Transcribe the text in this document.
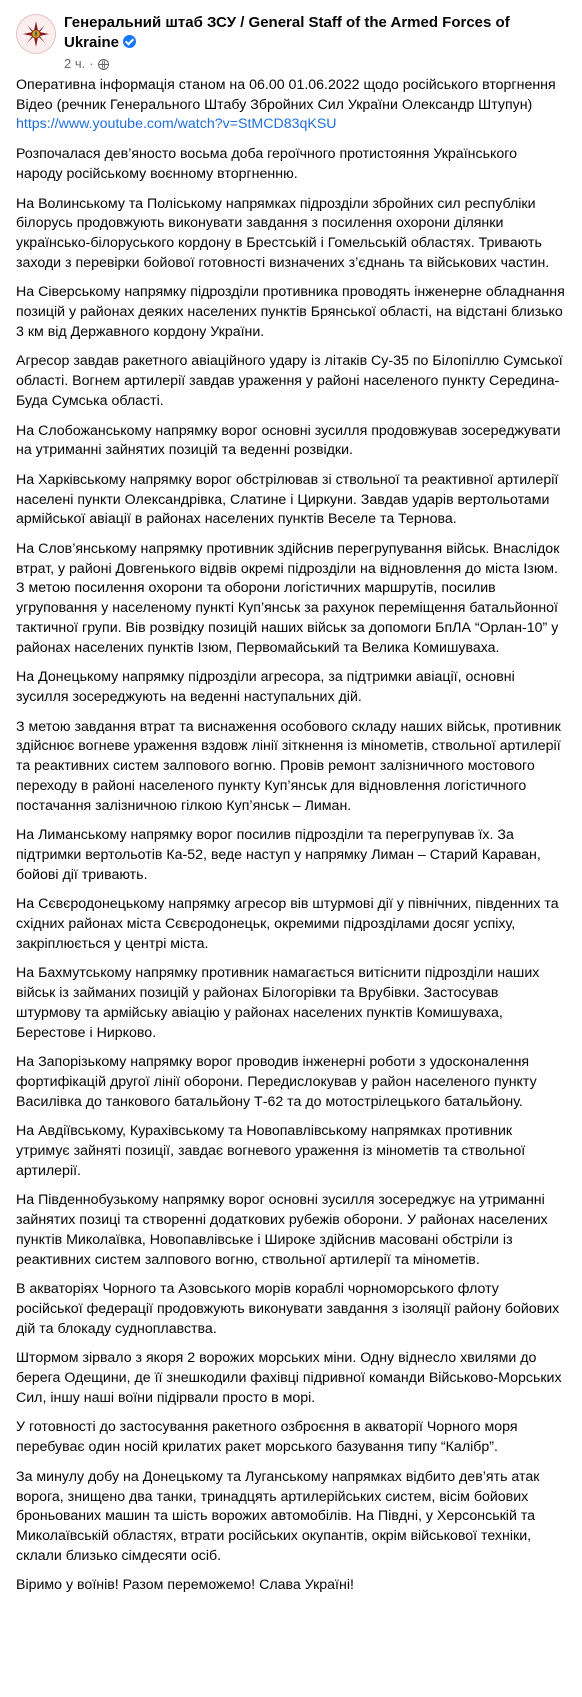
Генеральний штаб ЗСУ / General Staff of the Armed Forces of Ukraine
2 ч. ·

Оперативна інформація станом на 06.00 01.06.2022 щодо російського вторгнення
Відео (речник Генерального Штабу Збройних Сил України Олександр Штупун)
https://www.youtube.com/watch?v=StMCD83qKSU

Розпочалася дев’яносто восьма доба героїчного протистояння Українського народу російському воєнному вторгненню.

На Волинському та Поліському напрямках підрозділи збройних сил республіки білорусь продовжують виконувати завдання з посилення охорони ділянки українсько-білоруського кордону в Брестській і Гомельській областях. Тривають заходи з перевірки бойової готовності визначених з’єднань та військових частин.

На Сіверському напрямку підрозділи противника проводять інженерне обладнання позицій у районах деяких населених пунктів Брянської області, на відстані близько 3 км від Державного кордону України.

Агресор завдав ракетного авіаційного удару із літаків Су-35 по Білопіллю Сумської області. Вогнем артилерії завдав ураження у районі населеного пункту Середина-Буда Сумська області.

На Слобожанському напрямку ворог основні зусилля продовжував зосереджувати на утриманні зайнятих позицій та веденні розвідки.

На Харківському напрямку ворог обстрілював зі ствольної та реактивної артилерії населені пункти Олександрівка, Слатине і Циркуни. Завдав ударів вертольотами армійської авіації в районах населених пунктів Веселе та Тернова.

На Слов’янському напрямку противник здійснив перегрупування військ. Внаслідок втрат, у районі Довгенького відвів окремі підрозділи на відновлення до міста Ізюм. З метою посилення охорони та оборони логістичних маршрутів, посилив угруповання у населеному пункті Куп’янськ за рахунок переміщення батальйонної тактичної групи. Вів розвідку позицій наших військ за допомоги БпЛА “Орлан-10” у районах населених пунктів Ізюм, Первомайський та Велика Комишуваха.

На Донецькому напрямку підрозділи агресора, за підтримки авіації, основні зусилля зосереджують на веденні наступальних дій.

З метою завдання втрат та виснаження особового складу наших військ, противник здійснює вогневе ураження вздовж лінії зіткнення із мінометів, ствольної артилерії та реактивних систем залпового вогню. Провів ремонт залізничного мостового переходу в районі населеного пункту Куп’янськ для відновлення логістичного постачання залізничною гілкою Куп’янськ – Лиман.

На Лиманському напрямку ворог посилив підрозділи та перегрупував їх. За підтримки вертольотів Ка-52, веде наступ у напрямку Лиман – Старий Караван, бойові дії тривають.

На Сєвєродонецькому напрямку агресор вів штурмові дії у північних, південних та східних районах міста Сєвєродонецьк, окремими підрозділами досяг успіху, закріплюється у центрі міста.

На Бахмутському напрямку противник намагається витіснити підрозділи наших військ із займаних позицій у районах Білогорівки та Врубівки. Застосував штурмову та армійську авіацію у районах населених пунктів Комишуваха, Берестове і Нирково.

На Запорізькому напрямку ворог проводив інженерні роботи з удосконалення фортифікацій другої лінії оборони. Передислокував у район населеного пункту Василівка до танкового батальйону Т-62 та до мотострілецького батальйону.

На Авдіївському, Курахівському та Новопавлівському напрямках противник утримує зайняті позиції, завдає вогневого ураження із мінометів та ствольної артилерії.

На Південнобузькому напрямку ворог основні зусилля зосереджує на утриманні зайнятих позиці та створенні додаткових рубежів оборони. У районах населених пунктів Миколаївка, Новопавлівське і Широке здійснив масовані обстріли із реактивних систем залпового вогню, ствольної артилерії та мінометів.

В акваторіях Чорного та Азовського морів кораблі чорноморського флоту російської федерації продовжують виконувати завдання з ізоляції району бойових дій та блокаду судноплавства.

Штормом зірвало з якоря 2 ворожих морських міни. Одну віднесло хвилями до берега Одещини, де її знешкодили фахівці підривної команди Військово-Морських Сил, іншу наші воїни підірвали просто в морі.

У готовності до застосування ракетного озброєння в акваторії Чорного моря перебуває один носій крилатих ракет морського базування типу “Калібр”.

За минулу добу на Донецькому та Луганському напрямках відбито дев’ять атак ворога, знищено два танки, тринадцять артилерійських систем, вісім бойових броньованих машин та шість ворожих автомобілів. На Півдні, у Херсонській та Миколаївській областях, втрати російських окупантів, окрім військової техніки, склали близько сімдесяти осіб.

Віримо у воїнів! Разом переможемо! Слава Україні!
